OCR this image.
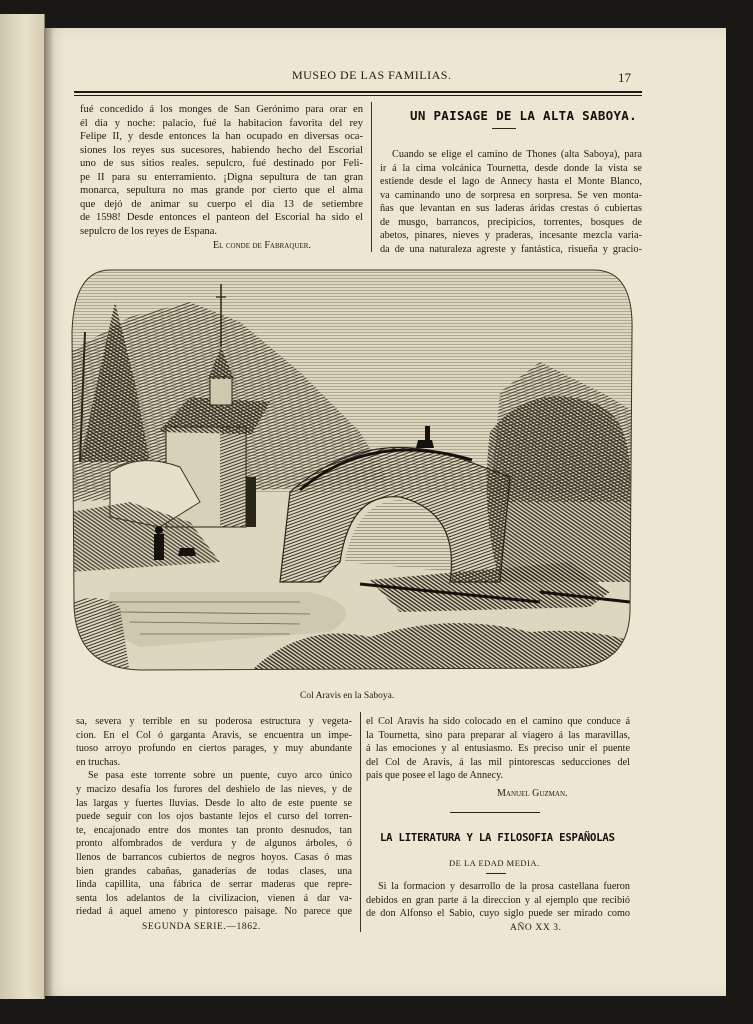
MUSEO DE LAS FAMILIAS.	17
fué concedido á los monges de San Gerónimo para orar en
él día y noche: palacio, fué la habitacion favorita del rey
Felipe II, y desde entonces la han ocupado en diversas oca-
siones los reyes sus sucesores, habiendo hecho del Escorial
uno de sus sitios reales. sepulcro, fué destinado por Feli-
pe II para su enterramiento. ¡Digna sepultura de tan gran
monarca, sepultura no mas grande por cierto que el alma
que dejó de animar su cuerpo el dia 13 de setiembre
de 1598! Desde entonces el panteon del Escorial ha sido el
sepulcro de los reyes de Espana.
El conde de Fabraquer.
UN PAISAGE DE LA ALTA SABOYA.
Cuando se elige el camino de Thones (alta Saboya), para
ir á la cima volcánica Tournetta, desde donde la vista se
estiende desde el lago de Annecy hasta el Monte Blanco,
va caminando uno de sorpresa en sorpresa. Se ven monta-
ñas que levantan en sus laderas áridas crestas ó cubiertas
de musgo, barrancos, precipicios, torrentes, bosques de
abetos, pinares, nieves y praderas, incesante mezcla varia-
da de una naturaleza agreste y fantástica, risueña y gracio-
Col Aravis en la Saboya.
sa, severa y terrible en su poderosa estructura y vegeta-
cion. En el Col ó garganta Aravis, se encuentra un impe-
tuoso arroyo profundo en ciertos parages, y muy abundante
en truchas.
Se pasa este torrente sobre un puente, cuyo arco único
y macizo desafía los furores del deshielo de las nieves, y de
las largas y fuertes lluvias. Desde lo alto de este puente se
puede seguir con los ojos bastante lejos el curso del torren-
te, encajonado entre dos montes tan pronto desnudos, tan
pronto alfombrados de verdura y de algunos árboles, ó
llenos de barrancos cubiertos de negros hoyos. Casas ó mas
bien grandes cabañas, ganaderías de todas clases, una
linda capillita, una fábrica de serrar maderas que repre-
senta los adelantos de la civilizacion, vienen á dar va-
riedad á aquel ameno y pintoresco paisage. No parece que
el Col Aravis ha sido colocado en el camino que conduce á
la Tournetta, sino para preparar al viagero á las maravillas,
á las emociones y al entusiasmo. Es preciso unir el puente
del Col de Aravis, á las mil pintorescas seducciones del
pais que posee el lago de Annecy.
Manuel Guzman.
LA LITERATURA Y LA FILOSOFIA ESPAÑOLAS
DE LA EDAD MEDIA.
Si la formacion y desarrollo de la prosa castellana fueron
debidos en gran parte á la direccion y al ejemplo que recibió
de don Alfonso el Sabio, cuyo siglo puede ser mirado como
SEGUNDA SERIE.—1862.	AÑO XX 3.
